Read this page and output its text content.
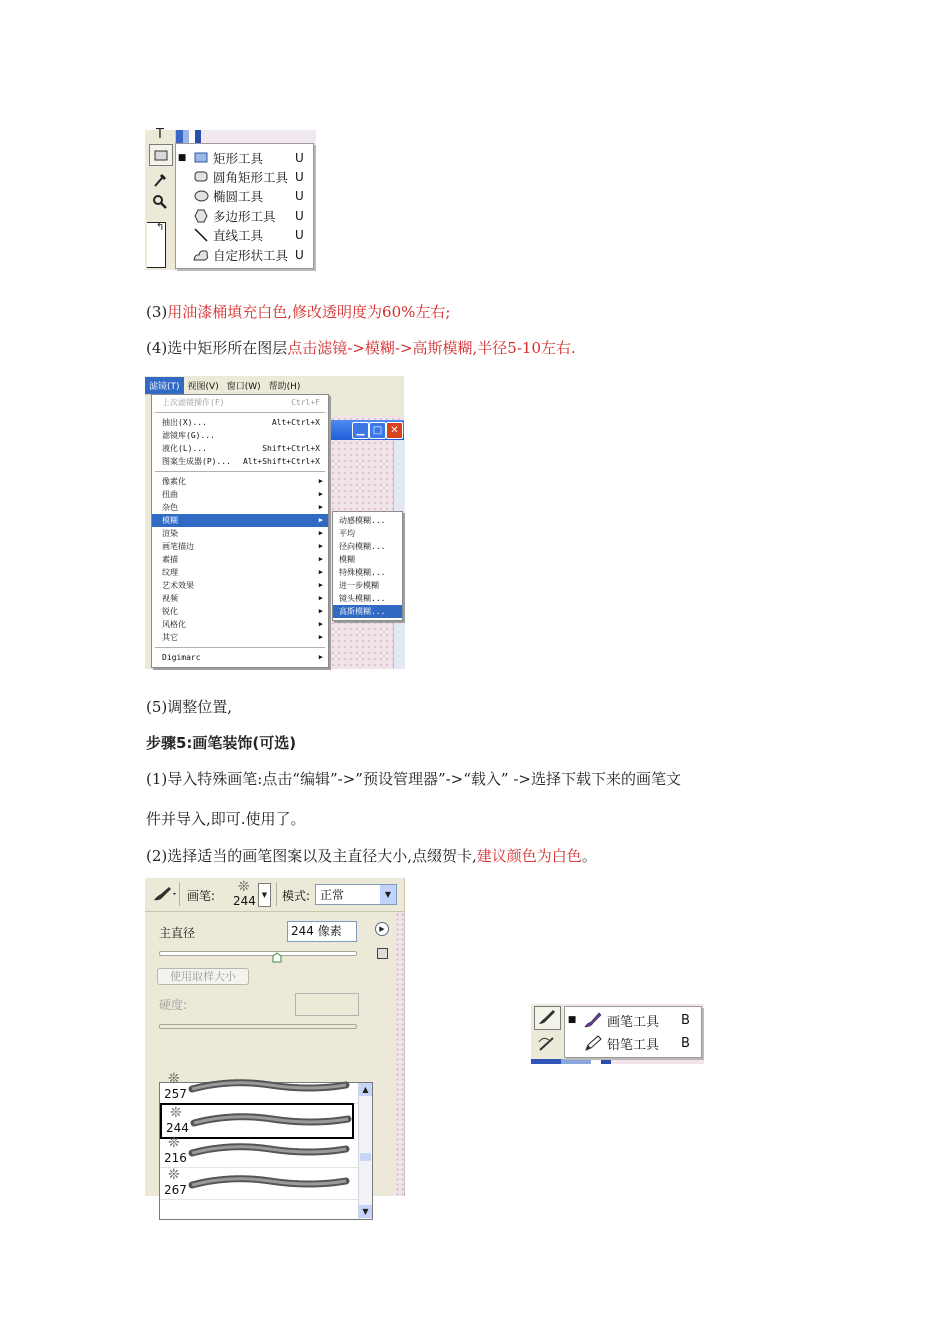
T
↰
■ 矩形工具	U
圆角矩形工具 U
椭圆工具	U
多边形工具	U
直线工具	U
自定形状工具 U
(3)用油漆桶填充白色,修改透明度为60%左右;
(4)选中矩形所在图层点击滤镜->模糊->高斯模糊,半径5-10左右.
滤镜(T) 视图(V) 窗口(W) 帮助(H)
▁ □ ✕
上次滤镜操作(F)	Ctrl+F
抽出(X)...	Alt+Ctrl+X
滤镜库(G)...
液化(L)...	Shift+Ctrl+X
图案生成器(P)... Alt+Shift+Ctrl+X
像素化	▶
扭曲	▶
杂色	▶
模糊	▶
渲染	▶
画笔描边	▶
素描	▶
纹理	▶
艺术效果	▶
视频	▶
锐化	▶
风格化	▶
其它	▶
Digimarc	▶
动感模糊...
平均
径向模糊...
模糊
特殊模糊...
进一步模糊
镜头模糊...
高斯模糊...
(5)调整位置,
步骤5:画笔装饰(可选)
(1)导入特殊画笔:点击“编辑”->”预设管理器”->“载入” ->选择下载下来的画笔文
件并导入,即可.使用了。
(2)选择适当的画笔图案以及主直径大小,点缀贺卡,建议颜色为白色。
画笔:
❊
244 ▼	模式: 正常	▼
主直径	244 像素	▶
使用取样大小
硬度:
❊
257
❊
244
❊
216
❊
267
▲
▼
■ 画笔工具	B
铅笔工具	B
